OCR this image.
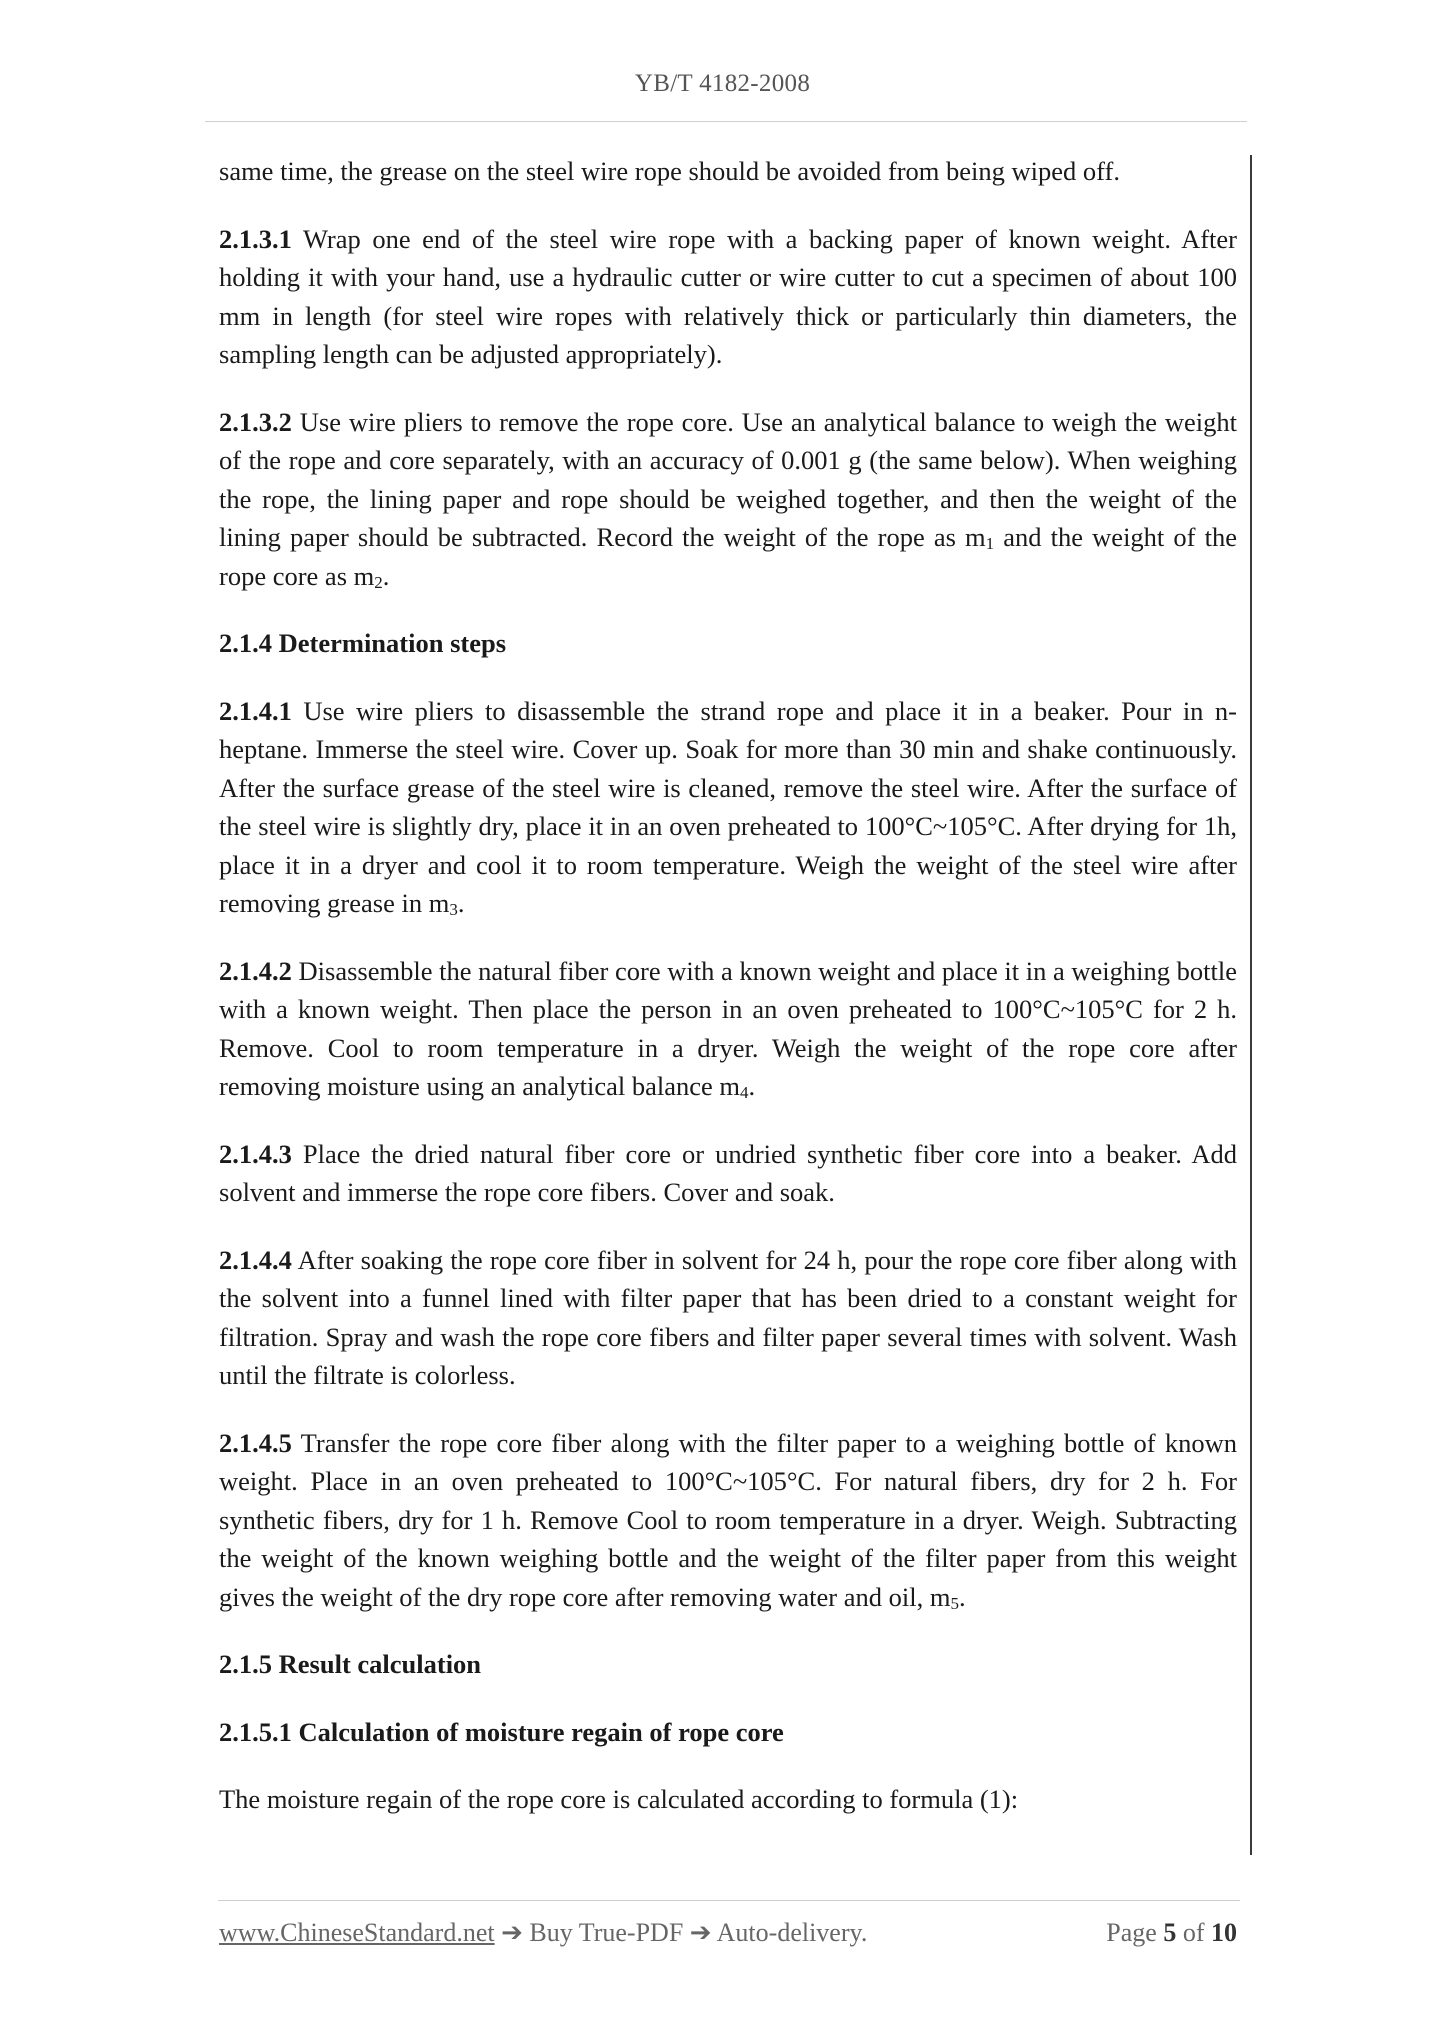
YB/T 4182-2008

same time, the grease on the steel wire rope should be avoided from being wiped off.

2.1.3.1 Wrap one end of the steel wire rope with a backing paper of known weight. After holding it with your hand, use a hydraulic cutter or wire cutter to cut a specimen of about 100 mm in length (for steel wire ropes with relatively thick or particularly thin diameters, the sampling length can be adjusted appropriately).

2.1.3.2 Use wire pliers to remove the rope core. Use an analytical balance to weigh the weight of the rope and core separately, with an accuracy of 0.001 g (the same below). When weighing the rope, the lining paper and rope should be weighed together, and then the weight of the lining paper should be subtracted. Record the weight of the rope as $m_1$ and the weight of the rope core as $m_2$.

2.1.4 Determination steps

2.1.4.1 Use wire pliers to disassemble the strand rope and place it in a beaker. Pour in n-heptane. Immerse the steel wire. Cover up. Soak for more than 30 min and shake continuously. After the surface grease of the steel wire is cleaned, remove the steel wire. After the surface of the steel wire is slightly dry, place it in an oven preheated to 100°C~105°C. After drying for 1h, place it in a dryer and cool it to room temperature. Weigh the weight of the steel wire after removing grease in $m_3$.

2.1.4.2 Disassemble the natural fiber core with a known weight and place it in a weighing bottle with a known weight. Then place the person in an oven preheated to 100°C~105°C for 2 h. Remove. Cool to room temperature in a dryer. Weigh the weight of the rope core after removing moisture using an analytical balance $m_4$.

2.1.4.3 Place the dried natural fiber core or undried synthetic fiber core into a beaker. Add solvent and immerse the rope core fibers. Cover and soak.

2.1.4.4 After soaking the rope core fiber in solvent for 24 h, pour the rope core fiber along with the solvent into a funnel lined with filter paper that has been dried to a constant weight for filtration. Spray and wash the rope core fibers and filter paper several times with solvent. Wash until the filtrate is colorless.

2.1.4.5 Transfer the rope core fiber along with the filter paper to a weighing bottle of known weight. Place in an oven preheated to 100°C~105°C. For natural fibers, dry for 2 h. For synthetic fibers, dry for 1 h. Remove Cool to room temperature in a dryer. Weigh. Subtracting the weight of the known weighing bottle and the weight of the filter paper from this weight gives the weight of the dry rope core after removing water and oil, $m_5$.

2.1.5 Result calculation

2.1.5.1 Calculation of moisture regain of rope core

The moisture regain of the rope core is calculated according to formula (1):

www.ChineseStandard.net ➔ Buy True-PDF ➔ Auto-delivery.	Page 5 of 10
